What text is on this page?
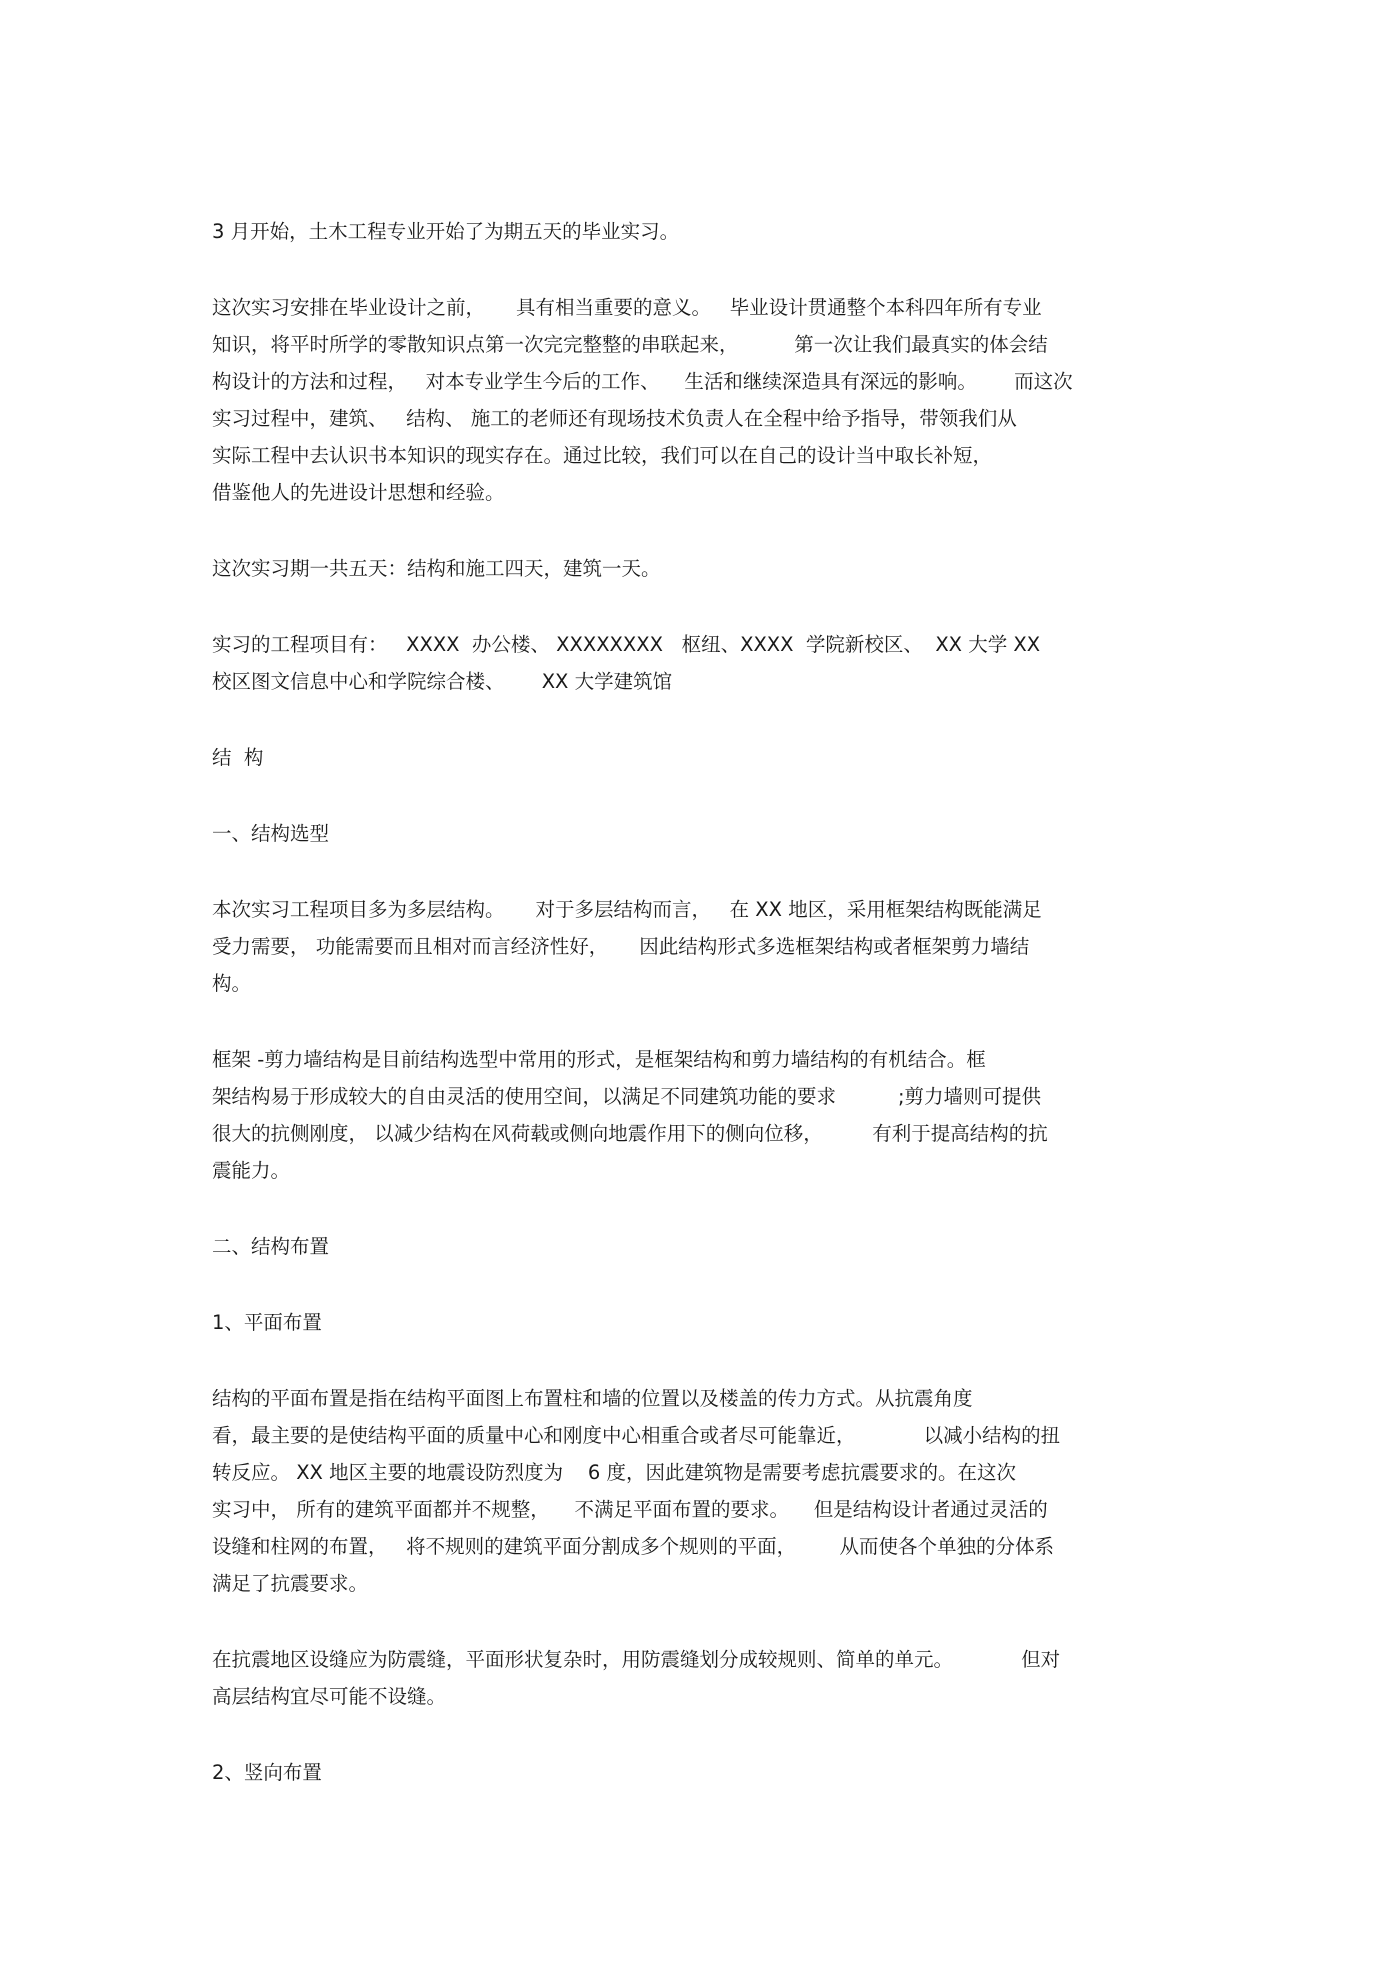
3 月开始，土木工程专业开始了为期五天的毕业实习。
这次实习安排在毕业设计之前，     具有相当重要的意义。   毕业设计贯通整个本科四年所有专业
知识，将平时所学的零散知识点第一次完完整整的串联起来，         第一次让我们最真实的体会结
构设计的方法和过程，   对本专业学生今后的工作、    生活和继续深造具有深远的影响。      而这次
实习过程中，建筑、   结构、 施工的老师还有现场技术负责人在全程中给予指导，带领我们从
实际工程中去认识书本知识的现实存在。通过比较，我们可以在自己的设计当中取长补短，
借鉴他人的先进设计思想和经验。
这次实习期一共五天：结构和施工四天，建筑一天。
实习的工程项目有：   XXXX  办公楼、 XXXXXXXX   枢纽、XXXX  学院新校区、  XX 大学 XX
校区图文信息中心和学院综合楼、      XX 大学建筑馆
结  构
一、结构选型
本次实习工程项目多为多层结构。     对于多层结构而言，   在 XX 地区，采用框架结构既能满足
受力需要， 功能需要而且相对而言经济性好，     因此结构形式多选框架结构或者框架剪力墙结
构。
框架 -剪力墙结构是目前结构选型中常用的形式，是框架结构和剪力墙结构的有机结合。框
架结构易于形成较大的自由灵活的使用空间，以满足不同建筑功能的要求          ;剪力墙则可提供
很大的抗侧刚度， 以减少结构在风荷载或侧向地震作用下的侧向位移，        有利于提高结构的抗
震能力。
二、结构布置
1、平面布置
结构的平面布置是指在结构平面图上布置柱和墙的位置以及楼盖的传力方式。从抗震角度
看，最主要的是使结构平面的质量中心和刚度中心相重合或者尽可能靠近，           以减小结构的扭
转反应。 XX 地区主要的地震设防烈度为    6 度，因此建筑物是需要考虑抗震要求的。在这次
实习中， 所有的建筑平面都并不规整，    不满足平面布置的要求。    但是结构设计者通过灵活的
设缝和柱网的布置，   将不规则的建筑平面分割成多个规则的平面，       从而使各个单独的分体系
满足了抗震要求。
在抗震地区设缝应为防震缝，平面形状复杂时，用防震缝划分成较规则、简单的单元。           但对
高层结构宜尽可能不设缝。
2、竖向布置
